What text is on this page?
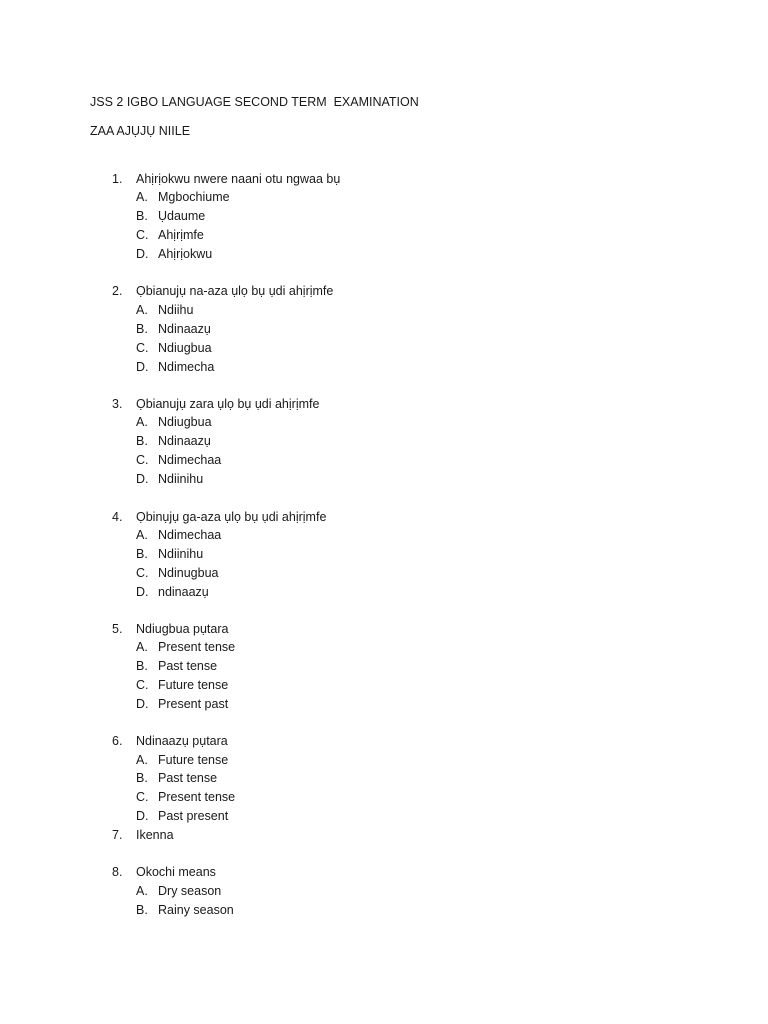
JSS 2 IGBO LANGUAGE SECOND TERM  EXAMINATION
ZAA AJỤJỤ NIILE
1.	Ahịrịokwu nwere naani otu ngwaa bụ
A. Mgbochiume
B. Ụdaume
C. Ahịrịmfe
D. Ahịrịokwu
2.	Ọbianujụ na-aza ụlọ bụ ụdi ahịrịmfe
A. Ndiihu
B. Ndinaazụ
C. Ndiugbua
D. Ndimecha
3.	Ọbianujụ zara ụlọ bụ ụdi ahịrịmfe
A. Ndiugbua
B. Ndinaazụ
C. Ndimechaa
D. Ndiinihu
4.	Ọbinụjụ ga-aza ụlọ bụ ụdi ahịrịmfe
A. Ndimechaa
B. Ndiinihu
C. Ndinugbua
D. ndinaazụ
5.	Ndiugbua pụtara
A. Present tense
B. Past tense
C. Future tense
D. Present past
6.	Ndinaazụ pụtara
A. Future tense
B. Past tense
C. Present tense
D. Past present
7.	Ikenna
8.	Okochi means
A. Dry season
B. Rainy season
